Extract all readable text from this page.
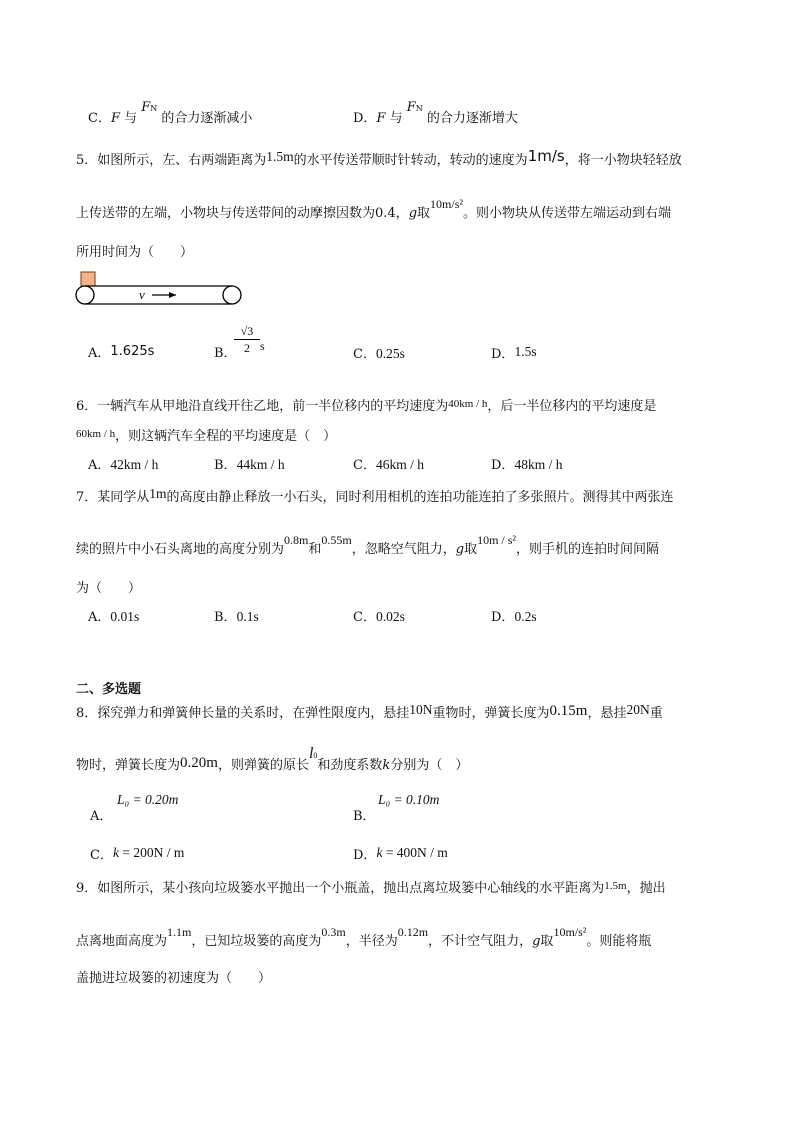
C．F 与 FN 的合力逐渐减小	D．F 与 FN 的合力逐渐增大
5．如图所示，左、右两端距离为1.5m的水平传送带顺时针转动，转动的速度为1m/s，将一小物块轻轻放
上传送带的左端，小物块与传送带间的动摩擦因数为0.4，g取10m/s²。则小物块从传送带左端运动到右端
所用时间为（　　）
v
A．1.625s	B．
√3
2 s
C．0.25s	D．1.5s
6．一辆汽车从甲地沿直线开往乙地，前一半位移内的平均速度为$^{40km / h}$，后一半位移内的平均速度是
$^{60km / h}$，则这辆汽车全程的平均速度是（　）
A．42km / h	B．44km / h	C．46km / h	D．48km / h
7．某同学从1m的高度由静止释放一小石头，同时利用相机的连拍功能连拍了多张照片。测得其中两张连
续的照片中小石头离地的高度分别为0.8m和0.55m，忽略空气阻力，g取10m / s²，则手机的连拍时间间隔
为（　　）
A．0.01s	B．0.1s	C．0.02s	D．0.2s
二、多选题
8．探究弹力和弹簧伸长量的关系时，在弹性限度内，悬挂10N重物时，弹簧长度为0.15m，悬挂20N重
物时，弹簧长度为0.20m，则弹簧的原长l0和劲度系数k分别为（　）
A．
L₀ = 0.20m
B．
L₀ = 0.10m
C．k = 200N / m	D．k = 400N / m
9．如图所示，某小孩向垃圾篓水平抛出一个小瓶盖，抛出点离垃圾篓中心轴线的水平距离为$^{1.5m}$，抛出
点离地面高度为1.1m，已知垃圾篓的高度为0.3m，半径为0.12m，不计空气阻力，g取10m/s²。则能将瓶
盖抛进垃圾篓的初速度为（　　）
